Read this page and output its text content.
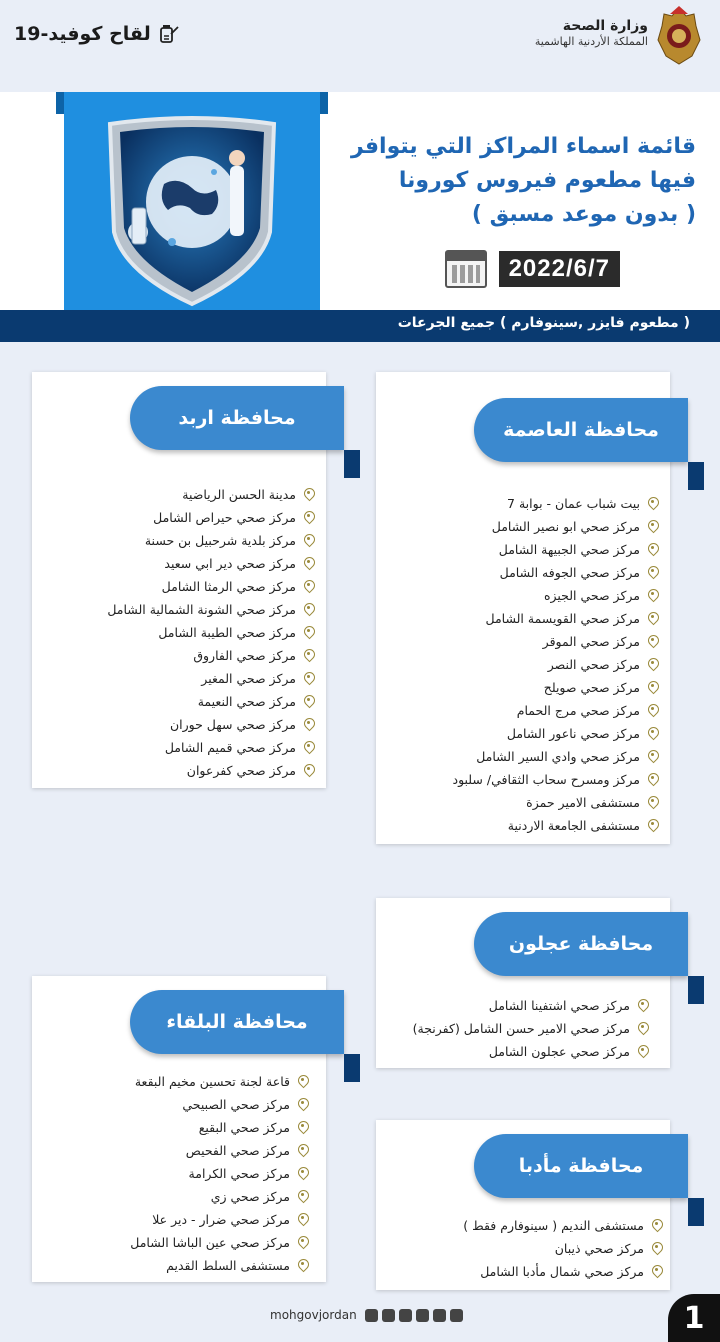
لقاح كوفيد-19	وزارة الصحة
المملكة الأردنية الهاشمية
قائمة اسماء المراكز التي يتوافر
فيها مطعوم فيروس كورونا
( بدون موعد مسبق )
2022/6/7
( مطعوم فايزر ,سينوفارم ) جميع الجرعات
محافظة العاصمة
بيت شباب عمان - بوابة 7
مركز صحي ابو نصير الشامل
مركز صحي الجبيهة الشامل
مركز صحي الجوفه الشامل
مركز صحي الجيزه
مركز صحي القويسمة الشامل
مركز صحي الموقر
مركز صحي النصر
مركز صحي صويلح
مركز صحي مرج الحمام
مركز صحي ناعور الشامل
مركز صحي وادي السير الشامل
مركز ومسرح سحاب الثقافي/ سلبود
مستشفى الامير حمزة
مستشفى الجامعة الاردنية
محافظة اربد
مدينة الحسن الرياضية
مركز صحي حيراص الشامل
مركز بلدية شرحبيل بن حسنة
مركز صحي دير ابي سعيد
مركز صحي الرمثا الشامل
مركز صحي الشونة الشمالية الشامل
مركز صحي الطيبة الشامل
مركز صحي الفاروق
مركز صحي المغير
مركز صحي النعيمة
مركز صحي سهل حوران
مركز صحي قميم الشامل
مركز صحي كفرعوان
محافظة عجلون
مركز صحي اشتفينا الشامل
مركز صحي الامير حسن الشامل (كفرنجة)
مركز صحي عجلون الشامل
محافظة البلقاء
قاعة لجنة تحسين مخيم البقعة
مركز صحي الصبيحي
مركز صحي البقيع
مركز صحي الفحيص
مركز صحي الكرامة
مركز صحي زي
مركز صحي ضرار - دير علا
مركز صحي عين الباشا الشامل
مستشفى السلط القديم
محافظة مأدبا
مستشفى النديم ( سينوفارم فقط )
مركز صحي ذيبان
مركز صحي شمال مأدبا الشامل
mohgovjordan	1
